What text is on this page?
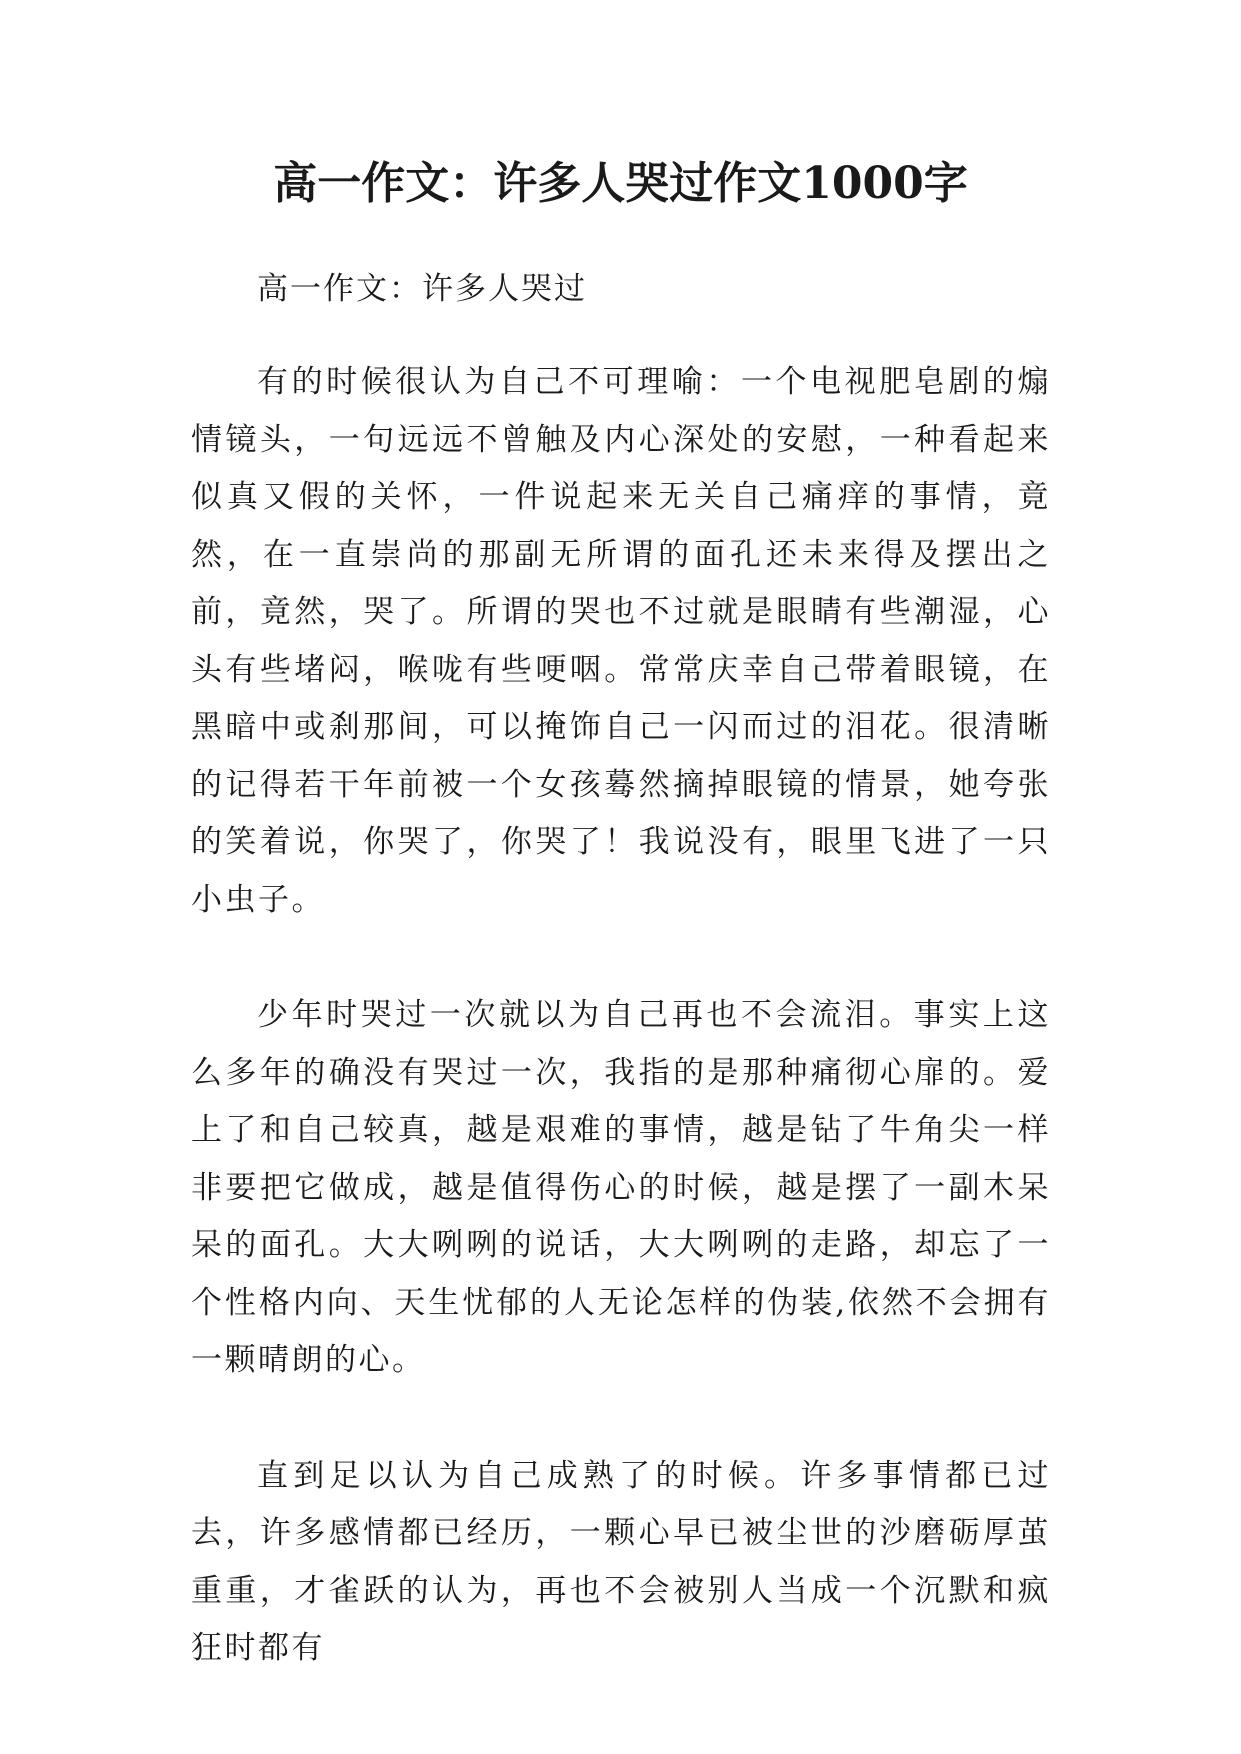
高一作文：许多人哭过作文1000字

高一作文：许多人哭过

有的时候很认为自己不可理喻：一个电视肥皂剧的煽情镜头，一句远远不曾触及内心深处的安慰，一种看起来似真又假的关怀，一件说起来无关自己痛痒的事情，竟然，在一直崇尚的那副无所谓的面孔还未来得及摆出之前，竟然，哭了。所谓的哭也不过就是眼睛有些潮湿，心头有些堵闷，喉咙有些哽咽。常常庆幸自己带着眼镜，在黑暗中或刹那间，可以掩饰自己一闪而过的泪花。很清晰的记得若干年前被一个女孩蓦然摘掉眼镜的情景，她夸张的笑着说，你哭了，你哭了！我说没有，眼里飞进了一只小虫子。

少年时哭过一次就以为自己再也不会流泪。事实上这么多年的确没有哭过一次，我指的是那种痛彻心扉的。爱上了和自己较真，越是艰难的事情，越是钻了牛角尖一样非要把它做成，越是值得伤心的时候，越是摆了一副木呆呆的面孔。大大咧咧的说话，大大咧咧的走路，却忘了一个性格内向、天生忧郁的人无论怎样的伪装,依然不会拥有一颗晴朗的心。

直到足以认为自己成熟了的时候。许多事情都已过去，许多感情都已经历，一颗心早已被尘世的沙磨砺厚茧重重，才雀跃的认为，再也不会被别人当成一个沉默和疯狂时都有
